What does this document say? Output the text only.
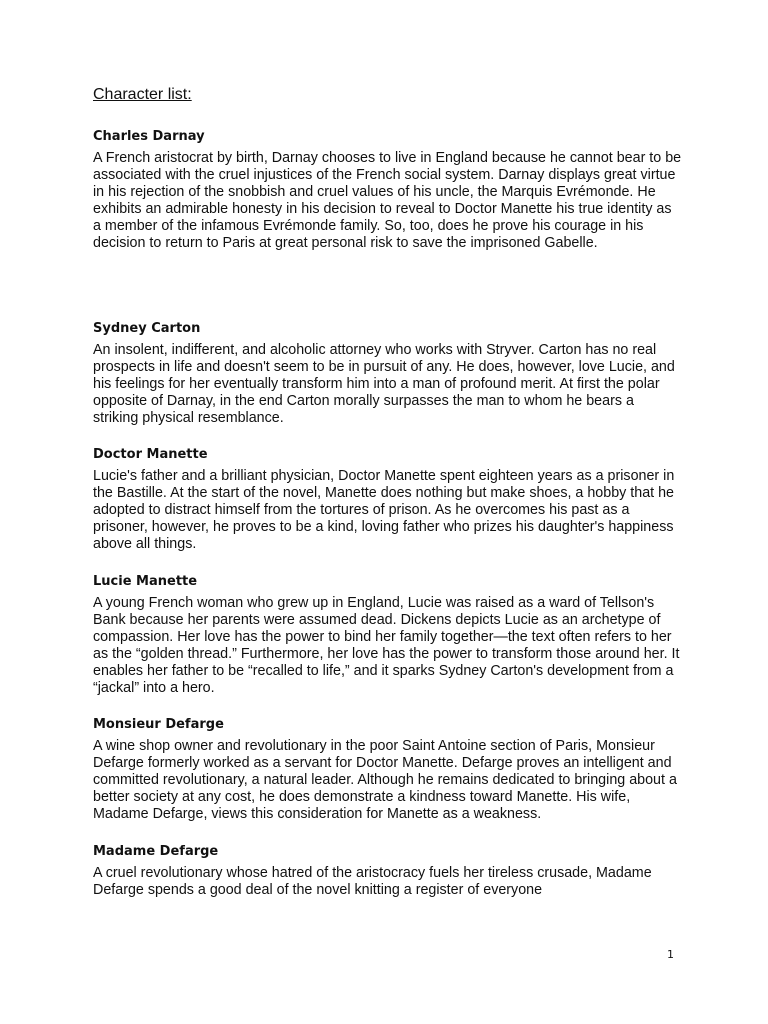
Character list:
Charles Darnay

A French aristocrat by birth, Darnay chooses to live in England because he cannot bear to be associated with the cruel injustices of the French social system. Darnay displays great virtue in his rejection of the snobbish and cruel values of his uncle, the Marquis Evrémonde. He exhibits an admirable honesty in his decision to reveal to Doctor Manette his true identity as a member of the infamous Evrémonde family. So, too, does he prove his courage in his decision to return to Paris at great personal risk to save the imprisoned Gabelle.

Sydney Carton

An insolent, indifferent, and alcoholic attorney who works with Stryver. Carton has no real prospects in life and doesn't seem to be in pursuit of any. He does, however, love Lucie, and his feelings for her eventually transform him into a man of profound merit. At first the polar opposite of Darnay, in the end Carton morally surpasses the man to whom he bears a striking physical resemblance.

Doctor Manette

Lucie's father and a brilliant physician, Doctor Manette spent eighteen years as a prisoner in the Bastille. At the start of the novel, Manette does nothing but make shoes, a hobby that he adopted to distract himself from the tortures of prison. As he overcomes his past as a prisoner, however, he proves to be a kind, loving father who prizes his daughter's happiness above all things.

Lucie Manette

A young French woman who grew up in England, Lucie was raised as a ward of Tellson's Bank because her parents were assumed dead. Dickens depicts Lucie as an archetype of compassion. Her love has the power to bind her family together—the text often refers to her as the “golden thread.” Furthermore, her love has the power to transform those around her. It enables her father to be “recalled to life,” and it sparks Sydney Carton's development from a “jackal” into a hero.

Monsieur Defarge

A wine shop owner and revolutionary in the poor Saint Antoine section of Paris, Monsieur Defarge formerly worked as a servant for Doctor Manette. Defarge proves an intelligent and committed revolutionary, a natural leader. Although he remains dedicated to bringing about a better society at any cost, he does demonstrate a kindness toward Manette. His wife, Madame Defarge, views this consideration for Manette as a weakness.

Madame Defarge

A cruel revolutionary whose hatred of the aristocracy fuels her tireless crusade, Madame Defarge spends a good deal of the novel knitting a register of everyone

1
